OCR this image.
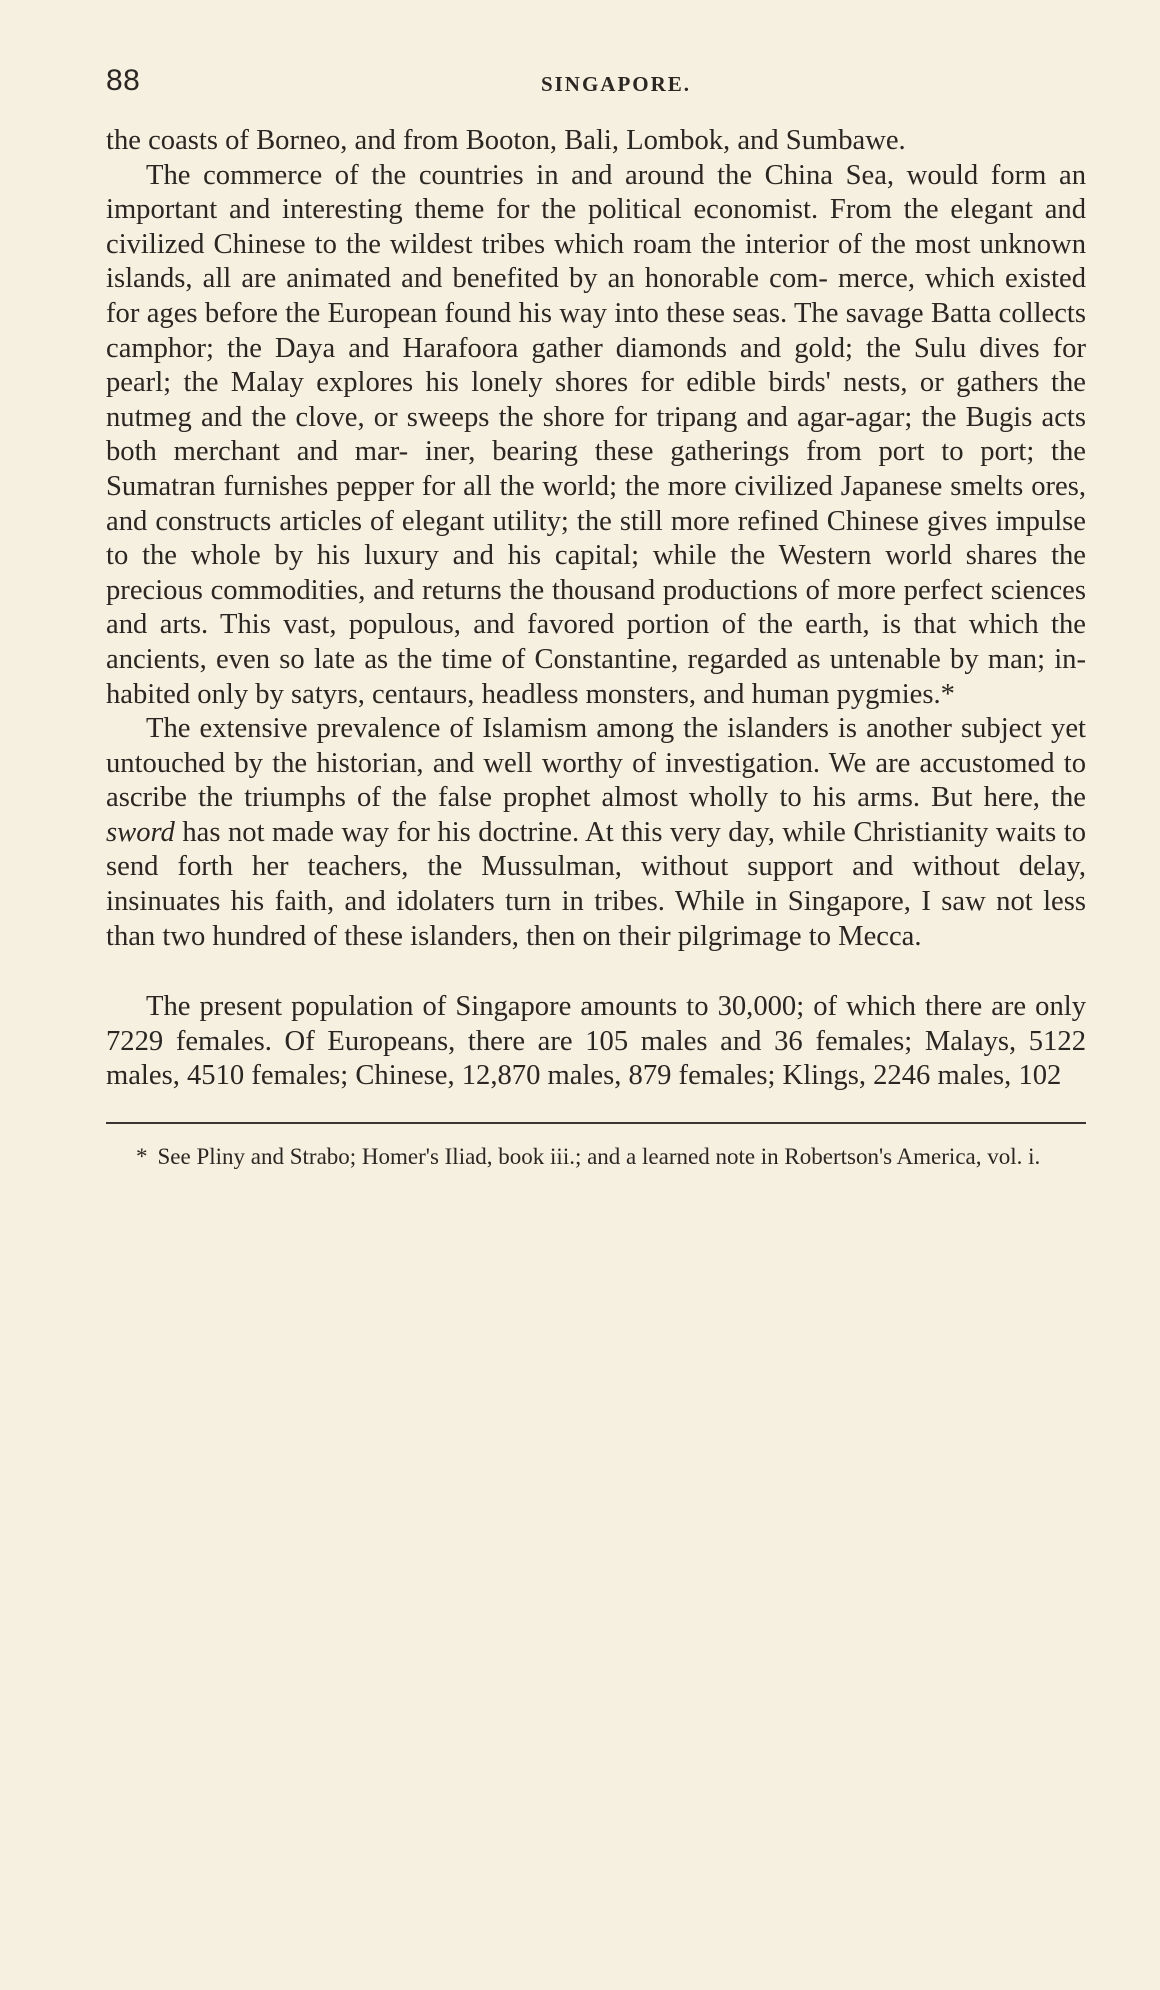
88	SINGAPORE.

the coasts of Borneo, and from Booton, Bali, Lombok, and Sumbawe.

The commerce of the countries in and around the China Sea, would form an important and interesting theme for the political economist. From the elegant and civilized Chinese to the wildest tribes which roam the interior of the most unknown islands, all are animated and benefited by an honorable com- merce, which existed for ages before the European found his way into these seas. The savage Batta collects camphor; the Daya and Harafoora gather diamonds and gold; the Sulu dives for pearl; the Malay explores his lonely shores for edible birds' nests, or gathers the nutmeg and the clove, or sweeps the shore for tripang and agar-agar; the Bugis acts both merchant and mar- iner, bearing these gatherings from port to port; the Sumatran furnishes pepper for all the world; the more civilized Japanese smelts ores, and constructs articles of elegant utility; the still more refined Chinese gives impulse to the whole by his luxury and his capital; while the Western world shares the precious commodities, and returns the thousand productions of more perfect sciences and arts. This vast, populous, and favored portion of the earth, is that which the ancients, even so late as the time of Constantine, regarded as untenable by man; in- habited only by satyrs, centaurs, headless monsters, and human pygmies.*

The extensive prevalence of Islamism among the islanders is another subject yet untouched by the historian, and well worthy of investigation. We are accustomed to ascribe the triumphs of the false prophet almost wholly to his arms. But here, the sword has not made way for his doctrine. At this very day, while Christianity waits to send forth her teachers, the Mussulman, without support and without delay, insinuates his faith, and idolaters turn in tribes. While in Singapore, I saw not less than two hundred of these islanders, then on their pilgrimage to Mecca.

The present population of Singapore amounts to 30,000; of which there are only 7229 females. Of Europeans, there are 105 males and 36 females; Malays, 5122 males, 4510 females; Chinese, 12,870 males, 879 females; Klings, 2246 males, 102

* See Pliny and Strabo; Homer's Iliad, book iii.; and a learned note in Robertson's America, vol. i.
